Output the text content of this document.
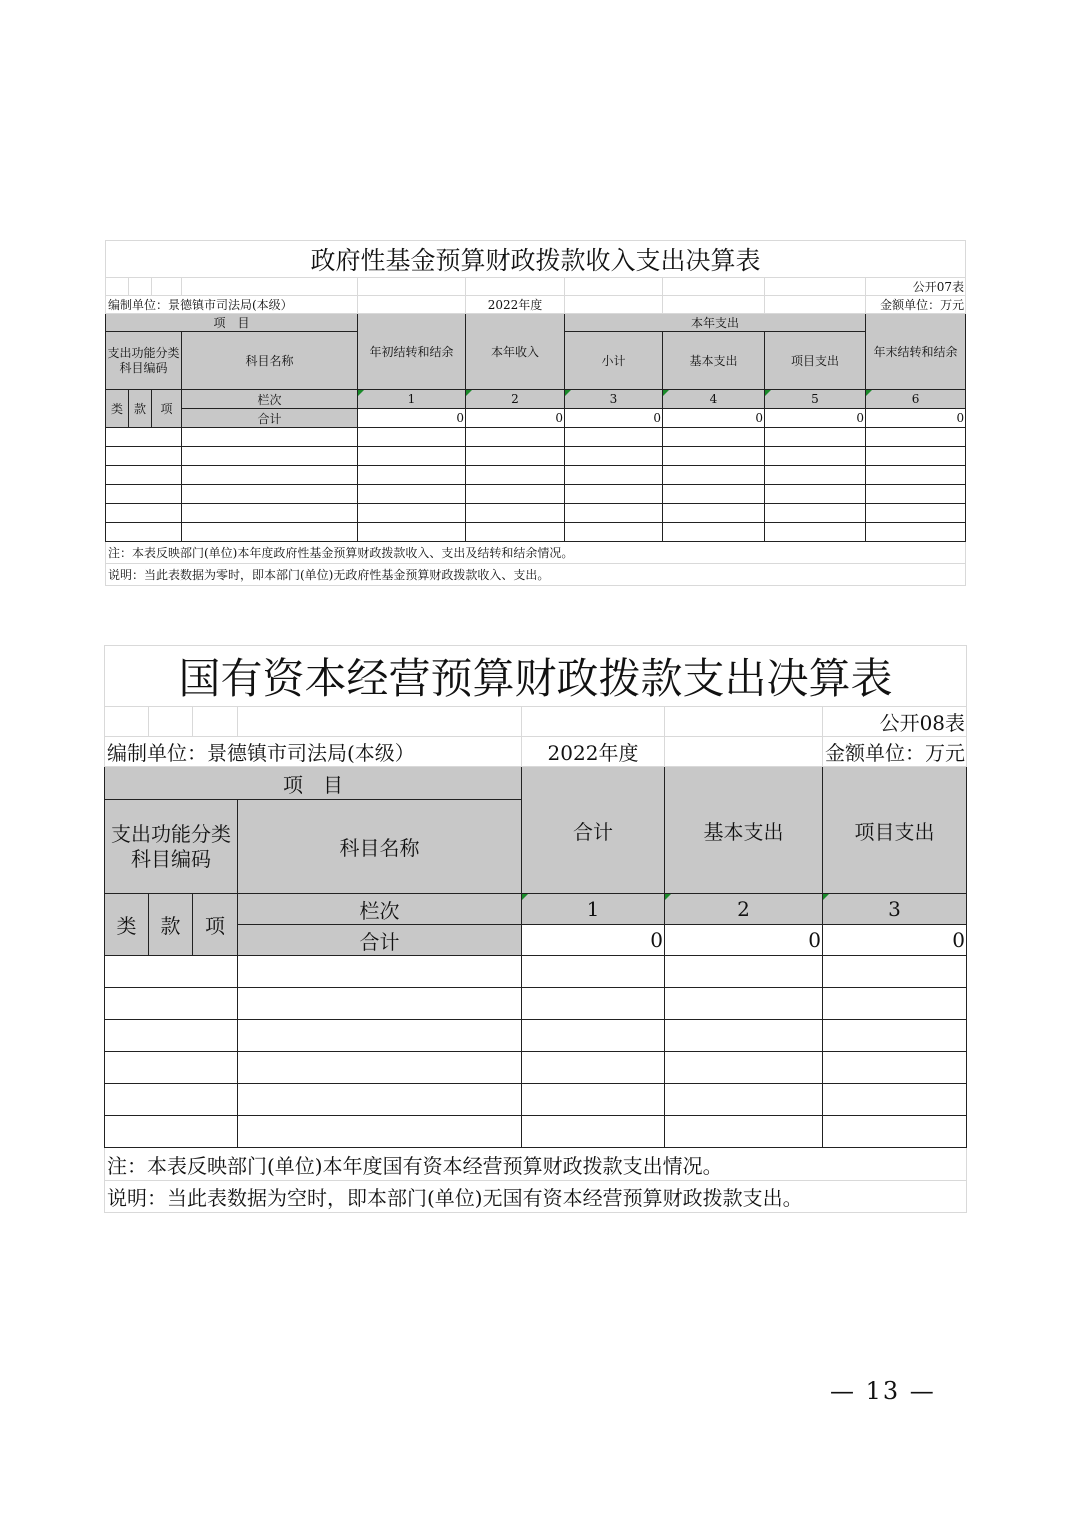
政府性基金预算财政拨款收入支出决算表									
									公开07表
编制单位：景德镇市司法局(本级）					2022年度				金额单位：万元
项　目				年初结转和结余	本年收入	本年支出			年末结转和结余
支出功能分类科目编码			科目名称			小计	基本支出	项目支出	
类	款	项	栏次	1	2	3	4	5	6
			合计	0	0	0	0	0	0

注：本表反映部门(单位)本年度政府性基金预算财政拨款收入、支出及结转和结余情况。									
说明：当此表数据为零时，即本部门(单位)无政府性基金预算财政拨款收入、支出。									
国有资本经营预算财政拨款支出决算表						
						公开08表
编制单位：景德镇市司法局(本级）				2022年度		金额单位：万元
项　目				合计	基本支出	项目支出
支出功能分类科目编码			科目名称			
类	款	项	栏次	1	2	3
			合计	0	0	0

注：本表反映部门(单位)本年度国有资本经营预算财政拨款支出情况。						
说明：当此表数据为空时，即本部门(单位)无国有资本经营预算财政拨款支出。						
— 13 —
